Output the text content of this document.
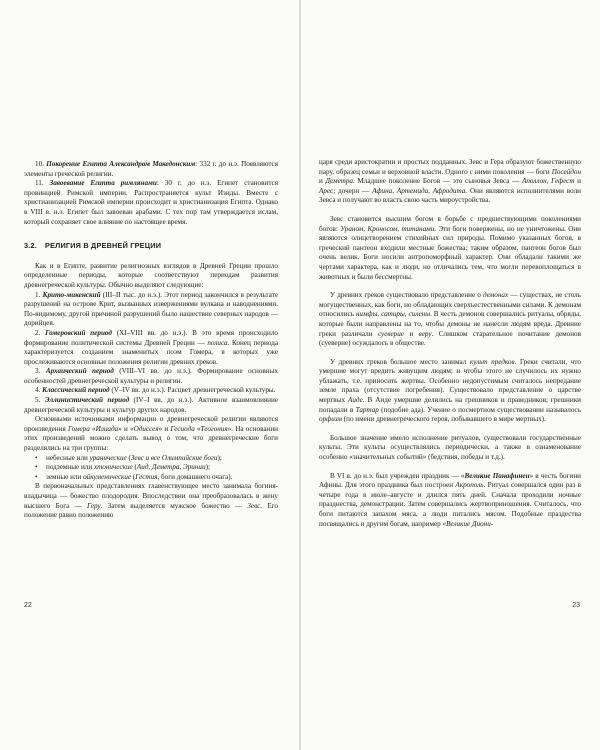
10. Покорение Египта Александром Македонским: 332 г. до н.э. Появляются элементы греческой религии.

11. Завоевание Египта римлянами: 30 г. до н.э. Египет становится провинцией Римской империи. Распространяется культ Изиды. Вместе с христианизацией Римской империи происходит и христианизация Египта. Однако в VIII в. н.э. Египет был завоеван арабами. С тех пор там утверждается ислам, который сохраняет свое влияние по настоящее время.

3.2. РЕЛИГИЯ В ДРЕВНЕЙ ГРЕЦИИ

Как и в Египте, развитие религиозных взглядов в Древней Греции прошло определенные периоды, которые соответствуют периодам развития древнегреческой культуры. Обычно выделяют следующие:

1. Крито-микенский (III–II тыс. до н.э.). Этот период закончился в результате разрушений на острове Крит, вызванных извержениями вулкана и наводнениями. По-видимому, другой причиной разрушений было нашествие северных народов — дорийцев.

2. Гомеровский период (XI–VIII вв. до н.э.). В это время происходило формирование политической системы Древней Греции — полиса. Конец периода характеризуется созданием знаменитых поэм Гомера, в которых уже прослеживаются основные положения религии древних греков.

3. Архаический период (VIII–VI вв. до н.э.). Формирование основных особенностей древнегреческой культуры и религии.

4. Классический период (V–IV вв. до н.э.). Расцвет древнегреческой культуры.

5. Эллинистический период (IV–I вв. до н.э.). Активное взаимовлияние древнегреческой культуры и культур других народов.

Основными источниками информации о древнегреческой религии являются произведения Гомера «Илиада» и «Одиссея» и Гесиода «Теогония». На основании этих произведений можно сделать вывод о том, что древнегреческие боги разделялись на три группы:

• небесные или уранические (Зевс и все Олимпийские боги);
• подземные или хтонические (Аид, Деметра, Эринии);
• земные или ойкуменические (Гестия, боги домашнего очага).

В первоначальных представлениях главенствующее место занимала богиня-владычица — божество плодородия. Впоследствии она преобразовалась в жену высшего Бога — Геру. Затем выделяется мужское божество — Зевс. Его положение равно положению

22

царя среди аристократии и простых подданных. Зевс и Гера образуют божественную пару, образец семьи и верховной власти. Одного с ними поколения — боги Посейдон и Деметра. Младшее поколение Богов — это сыновья Зевса — Аполлон, Гефест и Арес; дочери — Афина, Артемида, Афродита. Они являются исполнителями воли Зевса и получают во власть свою часть мироустройства.

Зевс становится высшим богом в борьбе с предшествующими поколениями богов: Ураном, Кроносом, титанами. Эти боги повержены, но не уничтожены. Они являются олицетворением стихийных сил природы. Помимо указанных богов, в греческий пантеон входили местные божества; таким образом, пантеон богов был очень велик. Боги носили антропоморфный характер. Они обладали такими же чертами характера, как и люди, но отличались тем, что могли перевоплощаться в животных и были бессмертны.

У древних греков существовало представление о демонах — существах, не столь могущественных, как боги, но обладающих сверхъестественными силами. К демонам относились нимфы, сатиры, силены. В честь демонов совершались ритуалы, обряды, которые были направлены на то, чтобы демоны не нанесли людям вреда. Древние греки различали суеверие и веру. Слишком старательное почитание демонов (суеверие) осуждалось в обществе.

У древних греков большое место занимал культ предков. Греки считали, что умершие могут вредить живущим людям; и чтобы этого не случилось их нужно ублажать, т.е. приносить жертвы. Особенно недопустимым считалось непредание земле праха (отсутствие погребения). Существовало представление о царстве мертвых Аиде. В Аиде умершие делились на грешников и праведников; грешники попадали в Тартар (подобие ада). Учение о посмертном существовании называлось орфизм (по имени древнегреческого героя, побывавшего в мире мертвых).

Большое значение имело исполнение ритуалов, существовали государственные культы. Эти культы осуществлялись периодически, а также в ознаменование особенно «значительных событий» (бедствия, победы и т.д.).

В VI в. до н.э. был учрежден праздник — «Великие Панафинеи» в честь богини Афины. Для этого праздника был построен Акрополь. Ритуал совершался один раз в четыре года в июле–августе и длился пять дней. Сначала проходили ночные празднества, демонстрации. Затем совершались жертвоприношения. Считалось, что боги питаются запахом мяса, а люди питались мясом. Подобные праздества посвящались и другим богам, например «Великие Диони-

23
